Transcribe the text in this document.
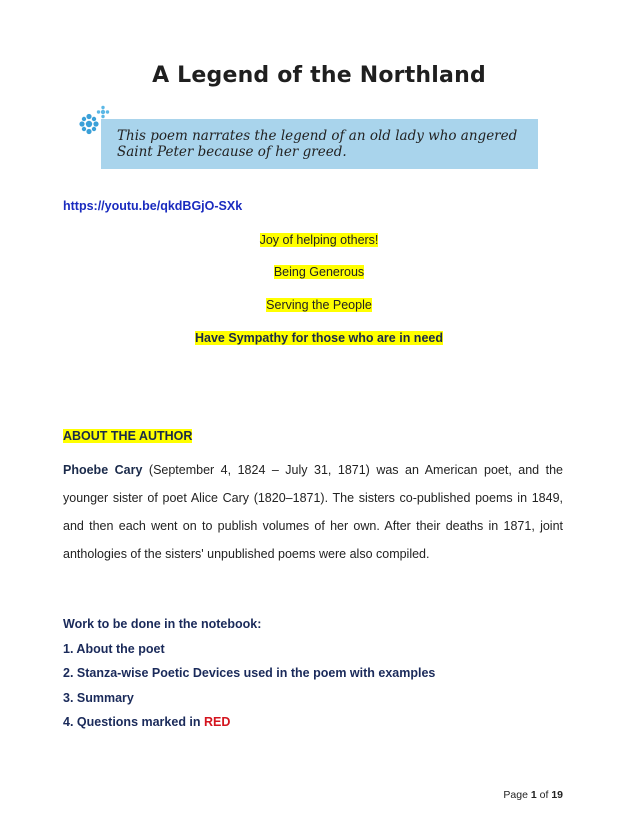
A Legend of the Northland
This poem narrates the legend of an old lady who angered Saint Peter because of her greed.
https://youtu.be/qkdBGjO-SXk
Joy of helping others!
Being Generous
Serving the People
Have Sympathy for those who are in need
ABOUT THE AUTHOR
Phoebe Cary (September 4, 1824 – July 31, 1871) was an American poet, and the younger sister of poet Alice Cary (1820–1871). The sisters co-published poems in 1849, and then each went on to publish volumes of her own. After their deaths in 1871, joint anthologies of the sisters' unpublished poems were also compiled.
Work to be done in the notebook:
1. About the poet
2. Stanza-wise Poetic Devices used in the poem with examples
3. Summary
4. Questions marked in RED
Page 1 of 19
